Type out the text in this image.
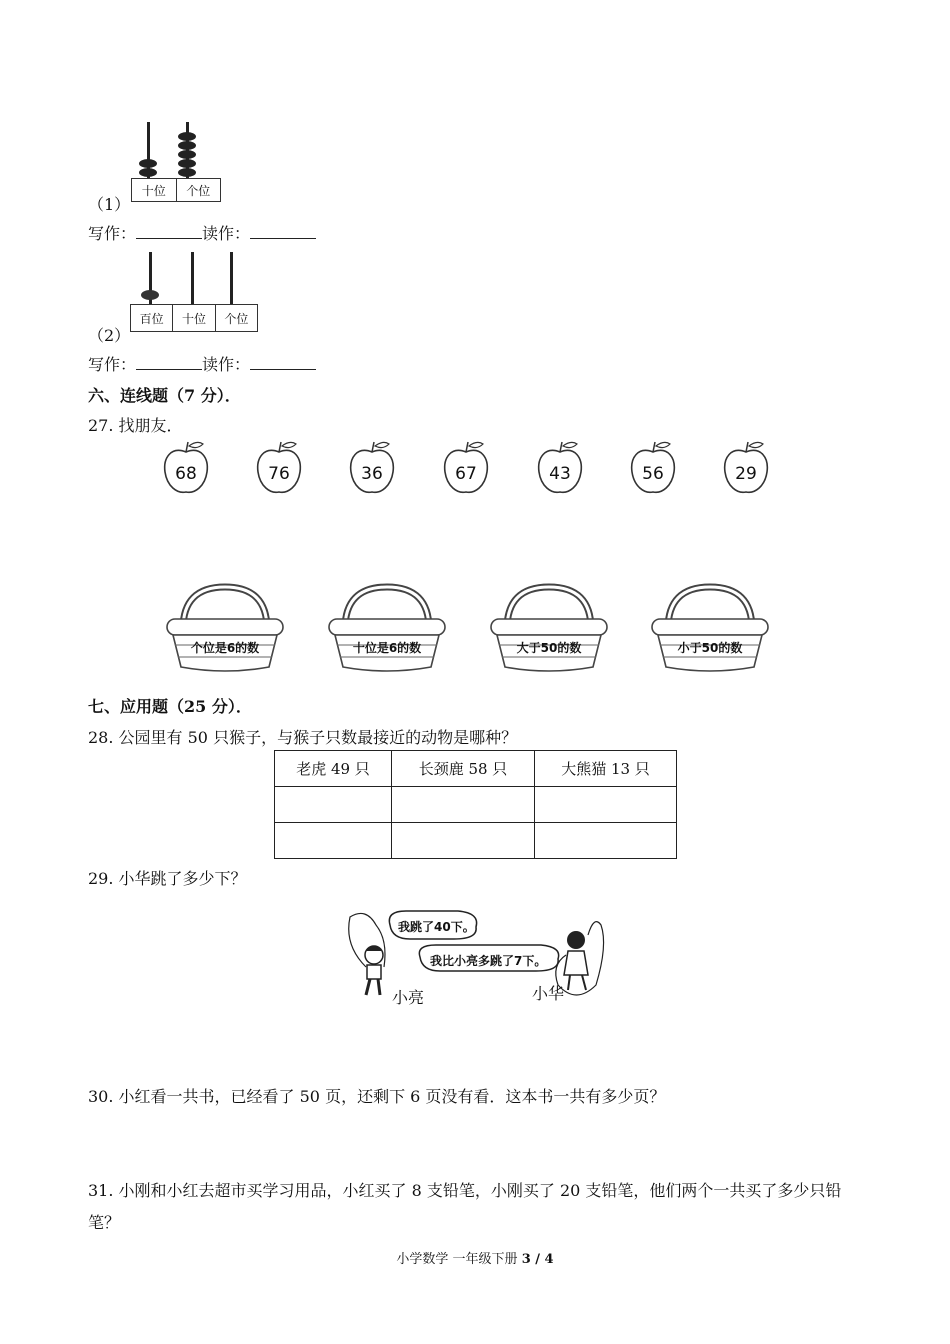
十位	个位
（1）
写作：	读作：
百位	十位	个位
（2）
写作：	读作：
六、连线题（7 分）．
27. 找朋友．
68	76	36	67	43	56	29
个位是6的数	十位是6的数	大于50的数	小于50的数
七、应用题（25 分）．
28. 公园里有 50 只猴子，与猴子只数最接近的动物是哪种？
老虎 49 只	长颈鹿 58 只	大熊猫 13 只

29. 小华跳了多少下？
我跳了40下。
我比小亮多跳了7下。
小亮	小华
30. 小红看一共书，已经看了 50 页，还剩下 6 页没有看．这本书一共有多少页？
31. 小刚和小红去超市买学习用品，小红买了 8 支铅笔，小刚买了 20 支铅笔，他们两个一共买了多少只铅
笔？
小学数学 一年级下册 3 / 4
